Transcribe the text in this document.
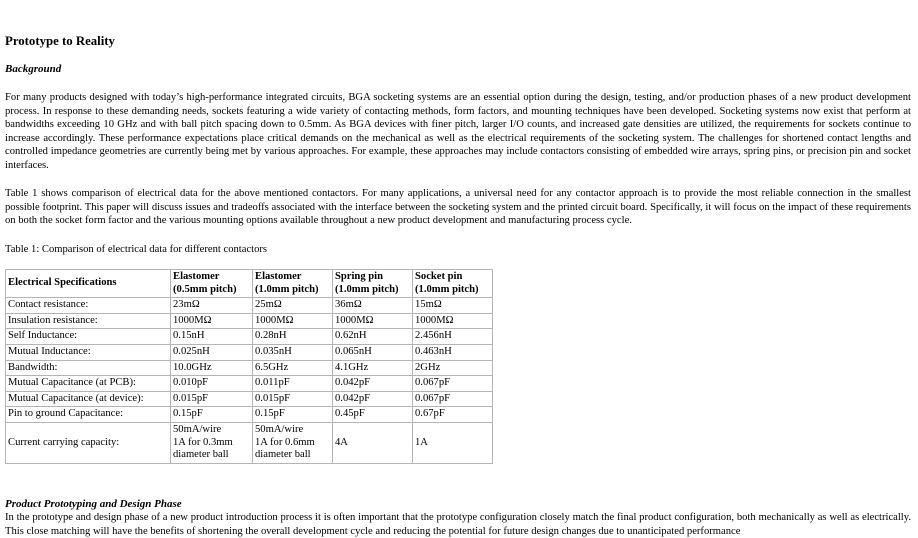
Prototype to Reality
Background

For many products designed with today’s high-performance integrated circuits, BGA socketing systems are an essential option during the design, testing, and/or production phases of a new product development process. In response to these demanding needs, sockets featuring a wide variety of contacting methods, form factors, and mounting techniques have been developed. Socketing systems now exist that perform at bandwidths exceeding 10 GHz and with ball pitch spacing down to 0.5mm. As BGA devices with finer pitch, larger I/O counts, and increased gate densities are utilized, the requirements for sockets continue to increase accordingly. These performance expectations place critical demands on the mechanical as well as the electrical requirements of the socketing system. The challenges for shortened contact lengths and controlled impedance geometries are currently being met by various approaches. For example, these approaches may include contactors consisting of embedded wire arrays, spring pins, or precision pin and socket interfaces.

Table 1 shows comparison of electrical data for the above mentioned contactors. For many applications, a universal need for any contactor approach is to provide the most reliable connection in the smallest possible footprint. This paper will discuss issues and tradeoffs associated with the interface between the socketing system and the printed circuit board. Specifically, it will focus on the impact of these requirements on both the socket form factor and the various mounting options available throughout a new product development and manufacturing process cycle.

Table 1: Comparison of electrical data for different contactors
Electrical Specifications	Elastomer (0.5mm pitch)	Elastomer (1.0mm pitch)	Spring pin (1.0mm pitch)	Socket pin (1.0mm pitch)
Contact resistance:	23mΩ	25mΩ	36mΩ	15mΩ
Insulation resistance:	1000MΩ	1000MΩ	1000MΩ	1000MΩ
Self Inductance:	0.15nH	0.28nH	0.62nH	2.456nH
Mutual Inductance:	0.025nH	0.035nH	0.065nH	0.463nH
Bandwidth:	10.0GHz	6.5GHz	4.1GHz	2GHz
Mutual Capacitance (at PCB):	0.010pF	0.011pF	0.042pF	0.067pF
Mutual Capacitance (at device):	0.015pF	0.015pF	0.042pF	0.067pF
Pin to ground Capacitance:	0.15pF	0.15pF	0.45pF	0.67pF
Current carrying capacity:	50mA/wire
1A for 0.3mm
diameter ball	50mA/wire
1A for 0.6mm
diameter ball	4A	1A
Product Prototyping and Design Phase

In the prototype and design phase of a new product introduction process it is often important that the prototype configuration closely match the final product configuration, both mechanically as well as electrically. This close matching will have the benefits of shortening the overall development cycle and reducing the potential for future design changes due to unanticipated performance
